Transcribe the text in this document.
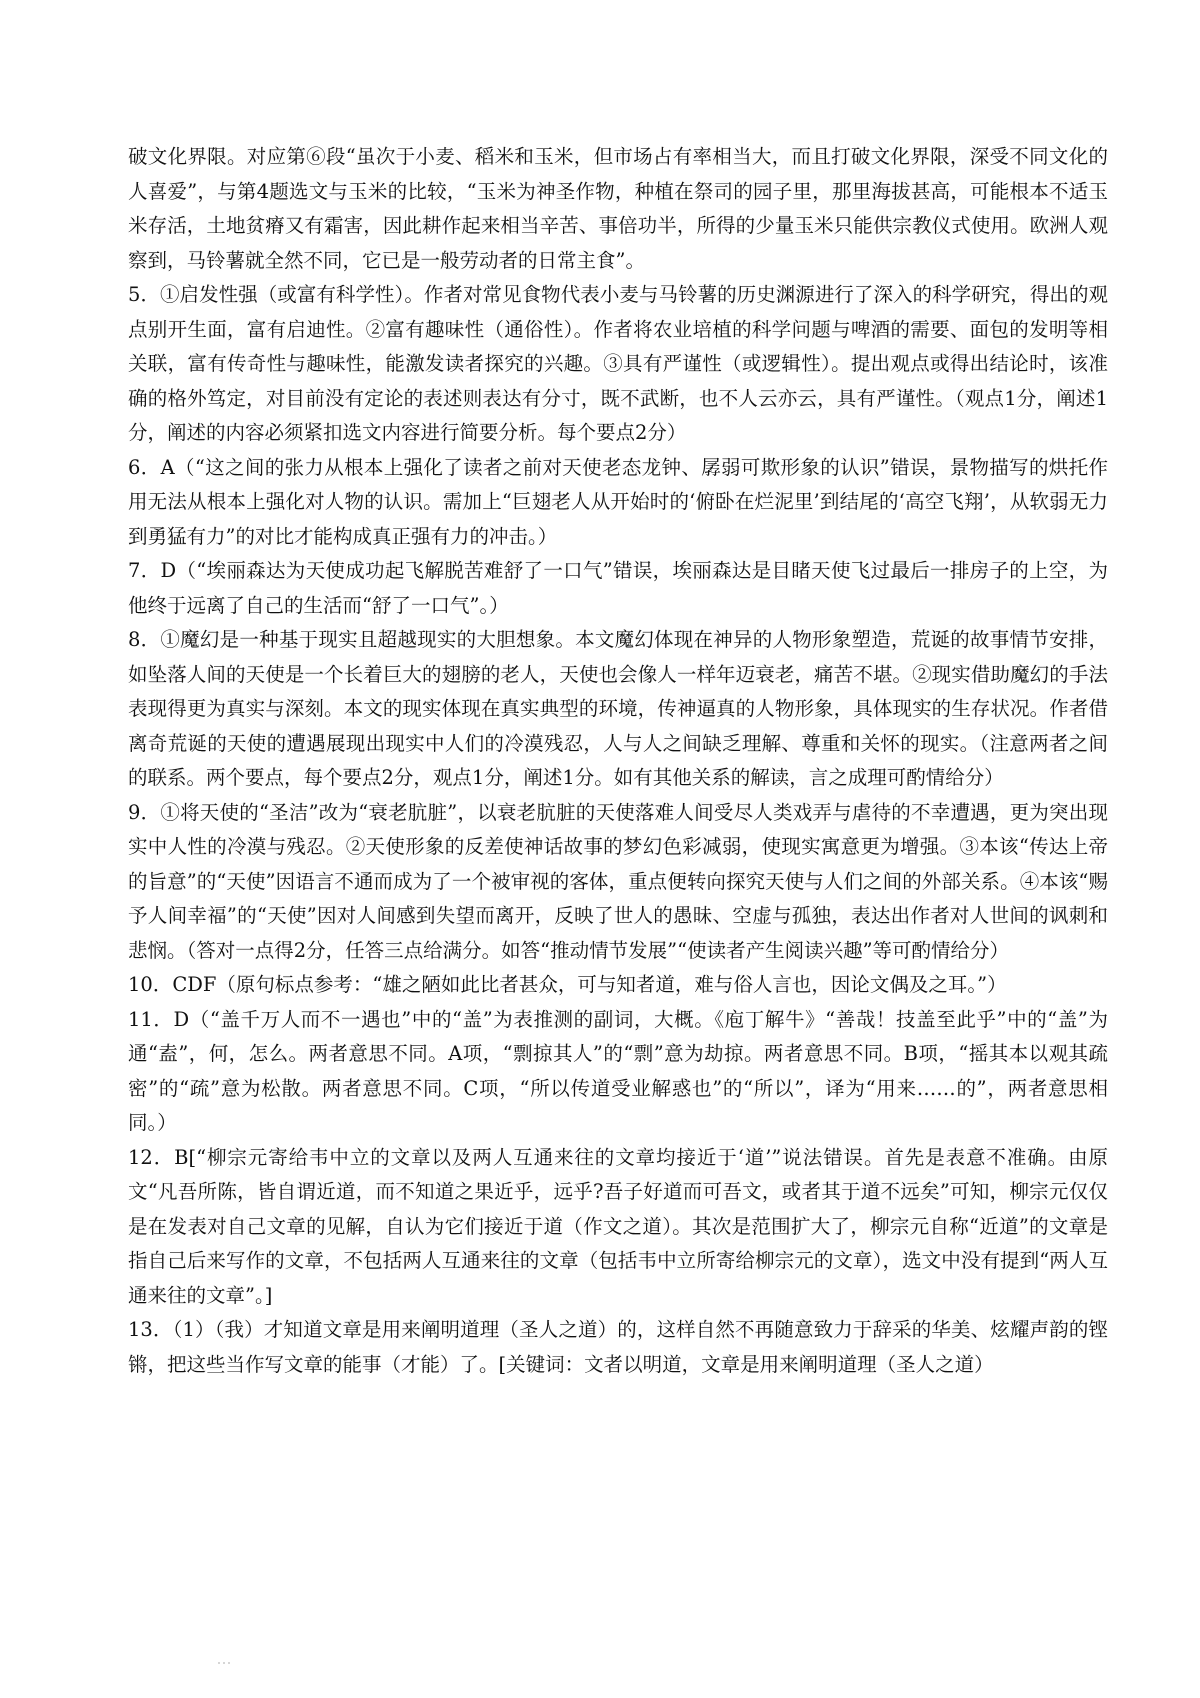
破文化界限。对应第⑥段“虽次于小麦、稻米和玉米，但市场占有率相当大，而且打破文化界限，深受不同文化的人喜爱”，与第4题选文与玉米的比较，“玉米为神圣作物，种植在祭司的园子里，那里海拔甚高，可能根本不适玉米存活，土地贫瘠又有霜害，因此耕作起来相当辛苦、事倍功半，所得的少量玉米只能供宗教仪式使用。欧洲人观察到，马铃薯就全然不同，它已是一般劳动者的日常主食”。

5．①启发性强（或富有科学性）。作者对常见食物代表小麦与马铃薯的历史渊源进行了深入的科学研究，得出的观点别开生面，富有启迪性。②富有趣味性（通俗性）。作者将农业培植的科学问题与啤酒的需要、面包的发明等相关联，富有传奇性与趣味性，能激发读者探究的兴趣。③具有严谨性（或逻辑性）。提出观点或得出结论时，该准确的格外笃定，对目前没有定论的表述则表达有分寸，既不武断，也不人云亦云，具有严谨性。（观点1分，阐述1分，阐述的内容必须紧扣选文内容进行简要分析。每个要点2分）

6．A（“这之间的张力从根本上强化了读者之前对天使老态龙钟、孱弱可欺形象的认识”错误，景物描写的烘托作用无法从根本上强化对人物的认识。需加上“巨翅老人从开始时的‘俯卧在烂泥里’到结尾的‘高空飞翔’，从软弱无力到勇猛有力”的对比才能构成真正强有力的冲击。）

7．D（“埃丽森达为天使成功起飞解脱苦难舒了一口气”错误，埃丽森达是目睹天使飞过最后一排房子的上空，为他终于远离了自己的生活而“舒了一口气”。）

8．①魔幻是一种基于现实且超越现实的大胆想象。本文魔幻体现在神异的人物形象塑造，荒诞的故事情节安排，如坠落人间的天使是一个长着巨大的翅膀的老人，天使也会像人一样年迈衰老，痛苦不堪。②现实借助魔幻的手法表现得更为真实与深刻。本文的现实体现在真实典型的环境，传神逼真的人物形象，具体现实的生存状况。作者借离奇荒诞的天使的遭遇展现出现实中人们的冷漠残忍，人与人之间缺乏理解、尊重和关怀的现实。（注意两者之间的联系。两个要点，每个要点2分，观点1分，阐述1分。如有其他关系的解读，言之成理可酌情给分）

9．①将天使的“圣洁”改为“衰老肮脏”，以衰老肮脏的天使落难人间受尽人类戏弄与虐待的不幸遭遇，更为突出现实中人性的冷漠与残忍。②天使形象的反差使神话故事的梦幻色彩减弱，使现实寓意更为增强。③本该“传达上帝的旨意”的“天使”因语言不通而成为了一个被审视的客体，重点便转向探究天使与人们之间的外部关系。④本该“赐予人间幸福”的“天使”因对人间感到失望而离开，反映了世人的愚昧、空虚与孤独，表达出作者对人世间的讽刺和悲悯。（答对一点得2分，任答三点给满分。如答“推动情节发展”“使读者产生阅读兴趣”等可酌情给分）

10．CDF（原句标点参考：“雄之陋如此比者甚众，可与知者道，难与俗人言也，因论文偶及之耳。”）

11．D（“盖千万人而不一遇也”中的“盖”为表推测的副词，大概。《庖丁解牛》“善哉！技盖至此乎”中的“盖”为通“盍”，何，怎么。两者意思不同。A项，“剽掠其人”的“剽”意为劫掠。两者意思不同。B项，“摇其本以观其疏密”的“疏”意为松散。两者意思不同。C项，“所以传道受业解惑也”的“所以”，译为“用来……的”，两者意思相同。）

12．B[“柳宗元寄给韦中立的文章以及两人互通来往的文章均接近于‘道’”说法错误。首先是表意不准确。由原文“凡吾所陈，皆自谓近道，而不知道之果近乎，远乎?吾子好道而可吾文，或者其于道不远矣”可知，柳宗元仅仅是在发表对自己文章的见解，自认为它们接近于道（作文之道）。其次是范围扩大了，柳宗元自称“近道”的文章是指自己后来写作的文章，不包括两人互通来往的文章（包括韦中立所寄给柳宗元的文章），选文中没有提到“两人互通来往的文章”。]

13．（1）（我）才知道文章是用来阐明道理（圣人之道）的，这样自然不再随意致力于辞采的华美、炫耀声韵的铿锵，把这些当作写文章的能事（才能）了。[关键词：文者以明道，文章是用来阐明道理（圣人之道）
